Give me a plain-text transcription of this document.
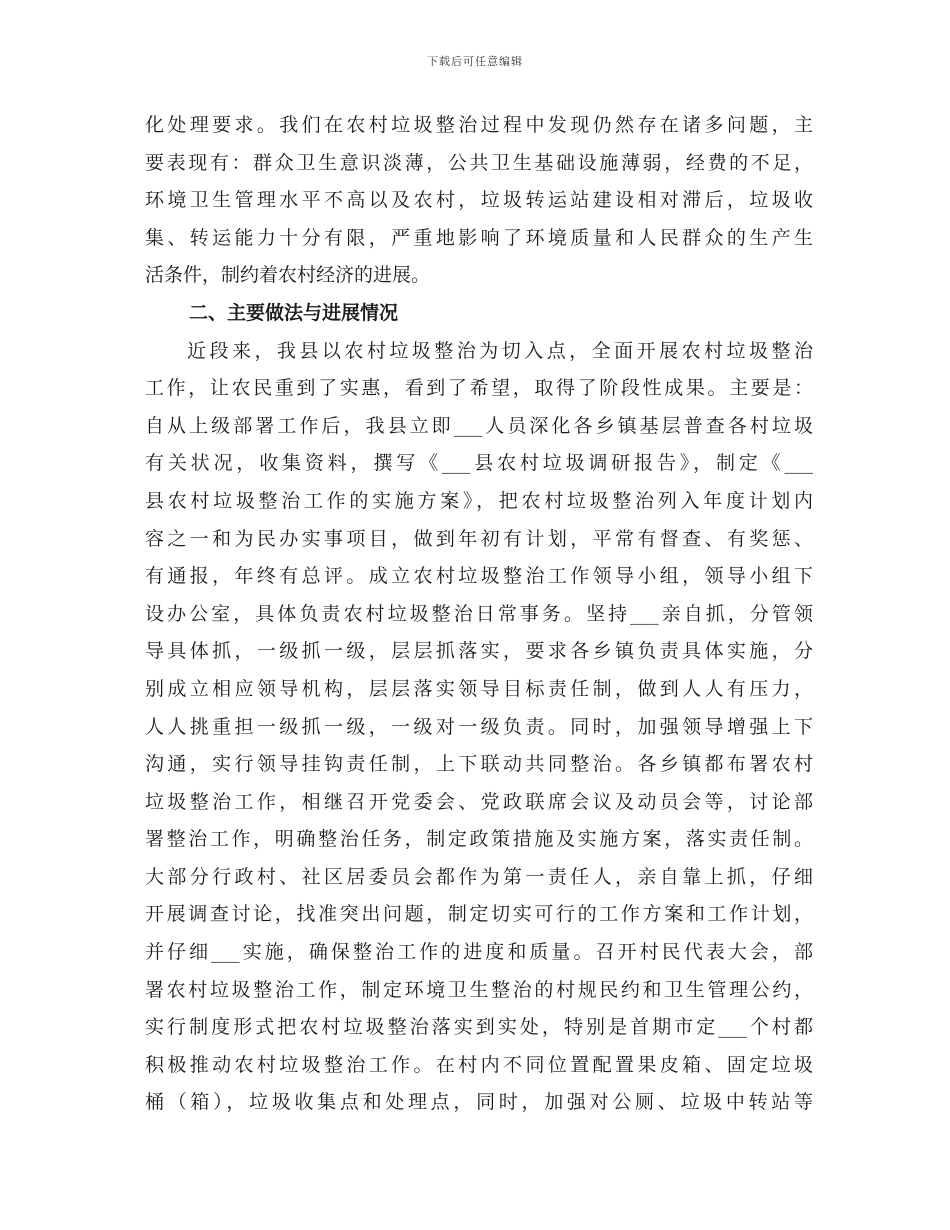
下载后可任意编辑
化处理要求。我们在农村垃圾整治过程中发现仍然存在诸多问题，主
要表现有：群众卫生意识淡薄，公共卫生基础设施薄弱，经费的不足，
环境卫生管理水平不高以及农村，垃圾转运站建设相对滞后，垃圾收
集、转运能力十分有限，严重地影响了环境质量和人民群众的生产生
活条件，制约着农村经济的进展。
二、主要做法与进展情况
近段来，我县以农村垃圾整治为切入点，全面开展农村垃圾整治
工作，让农民重到了实惠，看到了希望，取得了阶段性成果。主要是：
自从上级部署工作后，我县立即___人员深化各乡镇基层普查各村垃圾
有关状况，收集资料，撰写《___县农村垃圾调研报告》，制定《___
县农村垃圾整治工作的实施方案》，把农村垃圾整治列入年度计划内
容之一和为民办实事项目，做到年初有计划，平常有督查、有奖惩、
有通报，年终有总评。成立农村垃圾整治工作领导小组，领导小组下
设办公室，具体负责农村垃圾整治日常事务。坚持___亲自抓，分管领
导具体抓，一级抓一级，层层抓落实，要求各乡镇负责具体实施，分
别成立相应领导机构，层层落实领导目标责任制，做到人人有压力，
人人挑重担一级抓一级，一级对一级负责。同时，加强领导增强上下
沟通，实行领导挂钩责任制，上下联动共同整治。各乡镇都布署农村
垃圾整治工作，相继召开党委会、党政联席会议及动员会等，讨论部
署整治工作，明确整治任务，制定政策措施及实施方案，落实责任制。
大部分行政村、社区居委员会都作为第一责任人，亲自靠上抓，仔细
开展调查讨论，找准突出问题，制定切实可行的工作方案和工作计划，
并仔细___实施，确保整治工作的进度和质量。召开村民代表大会，部
署农村垃圾整治工作，制定环境卫生整治的村规民约和卫生管理公约，
实行制度形式把农村垃圾整治落实到实处，特别是首期市定___个村都
积极推动农村垃圾整治工作。在村内不同位置配置果皮箱、固定垃圾
桶（箱），垃圾收集点和处理点，同时，加强对公厕、垃圾中转站等
